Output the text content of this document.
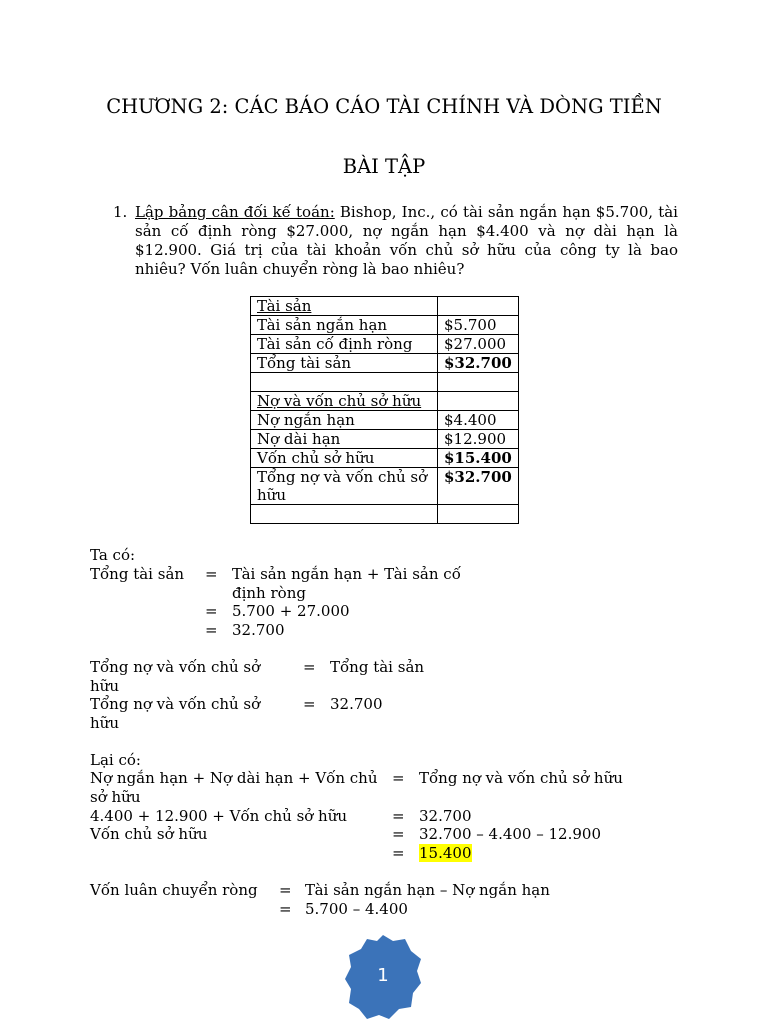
CHƯƠNG 2: CÁC BÁO CÁO TÀI CHÍNH VÀ DÒNG TIỀN
BÀI TẬP
1. Lập bảng cân đối kế toán: Bishop, Inc., có tài sản ngắn hạn $5.700, tài sản cố định ròng $27.000, nợ ngắn hạn $4.400 và nợ dài hạn là $12.900. Giá trị của tài khoản vốn chủ sở hữu của công ty là bao nhiêu? Vốn luân chuyển ròng là bao nhiêu?
Tài sản	
Tài sản ngắn hạn	$5.700
Tài sản cố định ròng	$27.000
Tổng tài sản	$32.700

Nợ và vốn chủ sở hữu	
Nợ ngắn hạn	$4.400
Nợ dài hạn	$12.900
Vốn chủ sở hữu	$15.400
Tổng nợ và vốn chủ sở hữu	$32.700

Ta có:
Tổng tài sản = Tài sản ngắn hạn + Tài sản cố
định ròng
= 5.700 + 27.000
= 32.700
Tổng nợ và vốn chủ sở	= Tổng tài sản
hữu
Tổng nợ và vốn chủ sở	= 32.700
hữu
Lại có:
Nợ ngắn hạn + Nợ dài hạn + Vốn chủ = Tổng nợ và vốn chủ sở hữu
sở hữu
4.400 + 12.900 + Vốn chủ sở hữu	= 32.700
Vốn chủ sở hữu	= 32.700 – 4.400 – 12.900
= 15.400
Vốn luân chuyển ròng = Tài sản ngắn hạn – Nợ ngắn hạn
= 5.700 – 4.400
1
